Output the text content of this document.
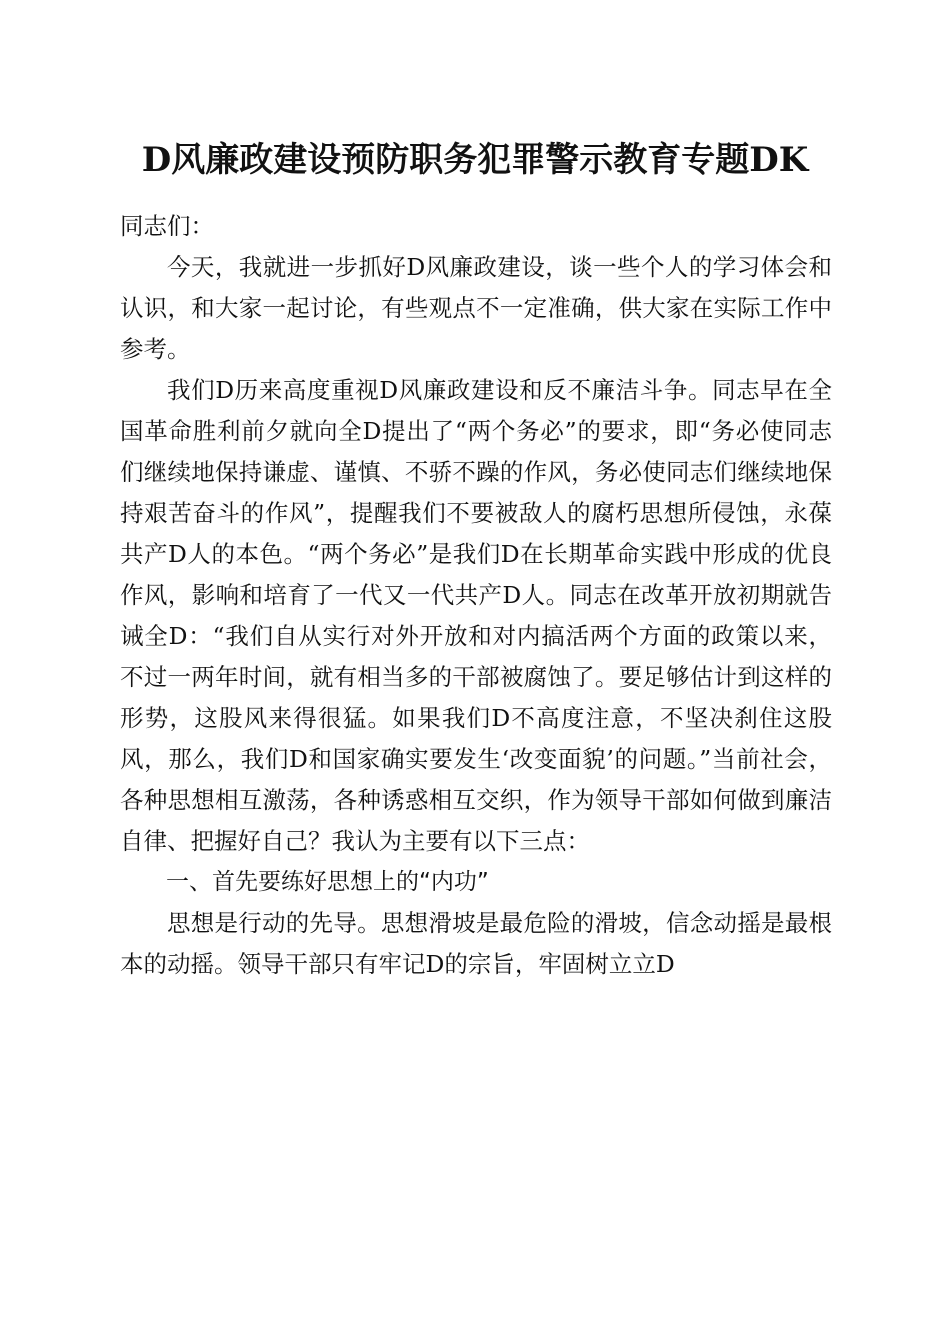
D风廉政建设预防职务犯罪警示教育专题DK

同志们：

今天，我就进一步抓好D风廉政建设，谈一些个人的学习体会和认识，和大家一起讨论，有些观点不一定准确，供大家在实际工作中参考。

我们D历来高度重视D风廉政建设和反不廉洁斗争。同志早在全国革命胜利前夕就向全D提出了“两个务必”的要求，即“务必使同志们继续地保持谦虚、谨慎、不骄不躁的作风，务必使同志们继续地保持艰苦奋斗的作风”，提醒我们不要被敌人的腐朽思想所侵蚀，永葆共产D人的本色。“两个务必”是我们D在长期革命实践中形成的优良作风，影响和培育了一代又一代共产D人。同志在改革开放初期就告诫全D：“我们自从实行对外开放和对内搞活两个方面的政策以来，不过一两年时间，就有相当多的干部被腐蚀了。要足够估计到这样的形势，这股风来得很猛。如果我们D不高度注意，不坚决刹住这股风，那么，我们D和国家确实要发生‘改变面貌’的问题。”当前社会，各种思想相互激荡，各种诱惑相互交织，作为领导干部如何做到廉洁自律、把握好自己？我认为主要有以下三点：

一、首先要练好思想上的“内功”

思想是行动的先导。思想滑坡是最危险的滑坡，信念动摇是最根本的动摇。领导干部只有牢记D的宗旨，牢固树立立D
